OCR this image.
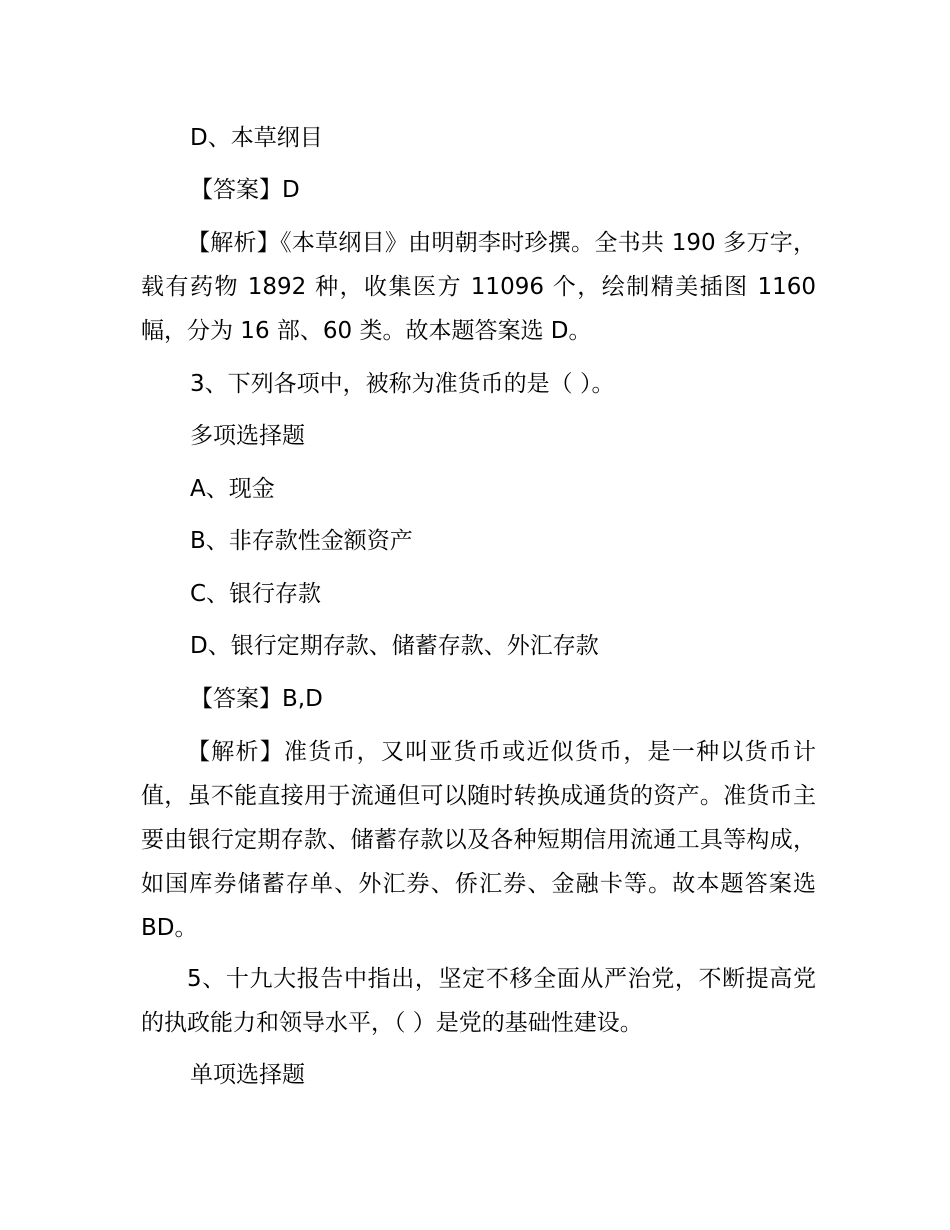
D、本草纲目
【答案】D
【解析】《本草纲目》由明朝李时珍撰。全书共 190 多万字，载有药物 1892 种，收集医方 11096 个，绘制精美插图 1160 幅，分为 16 部、60 类。故本题答案选 D。
3、下列各项中，被称为准货币的是（ ）。
多项选择题
A、现金
B、非存款性金额资产
C、银行存款
D、银行定期存款、储蓄存款、外汇存款
【答案】B,D
【解析】准货币，又叫亚货币或近似货币，是一种以货币计值，虽不能直接用于流通但可以随时转换成通货的资产。准货币主要由银行定期存款、储蓄存款以及各种短期信用流通工具等构成，如国库券储蓄存单、外汇券、侨汇券、金融卡等。故本题答案选 BD。
5、十九大报告中指出，坚定不移全面从严治党，不断提高党的执政能力和领导水平，（ ）是党的基础性建设。
单项选择题
